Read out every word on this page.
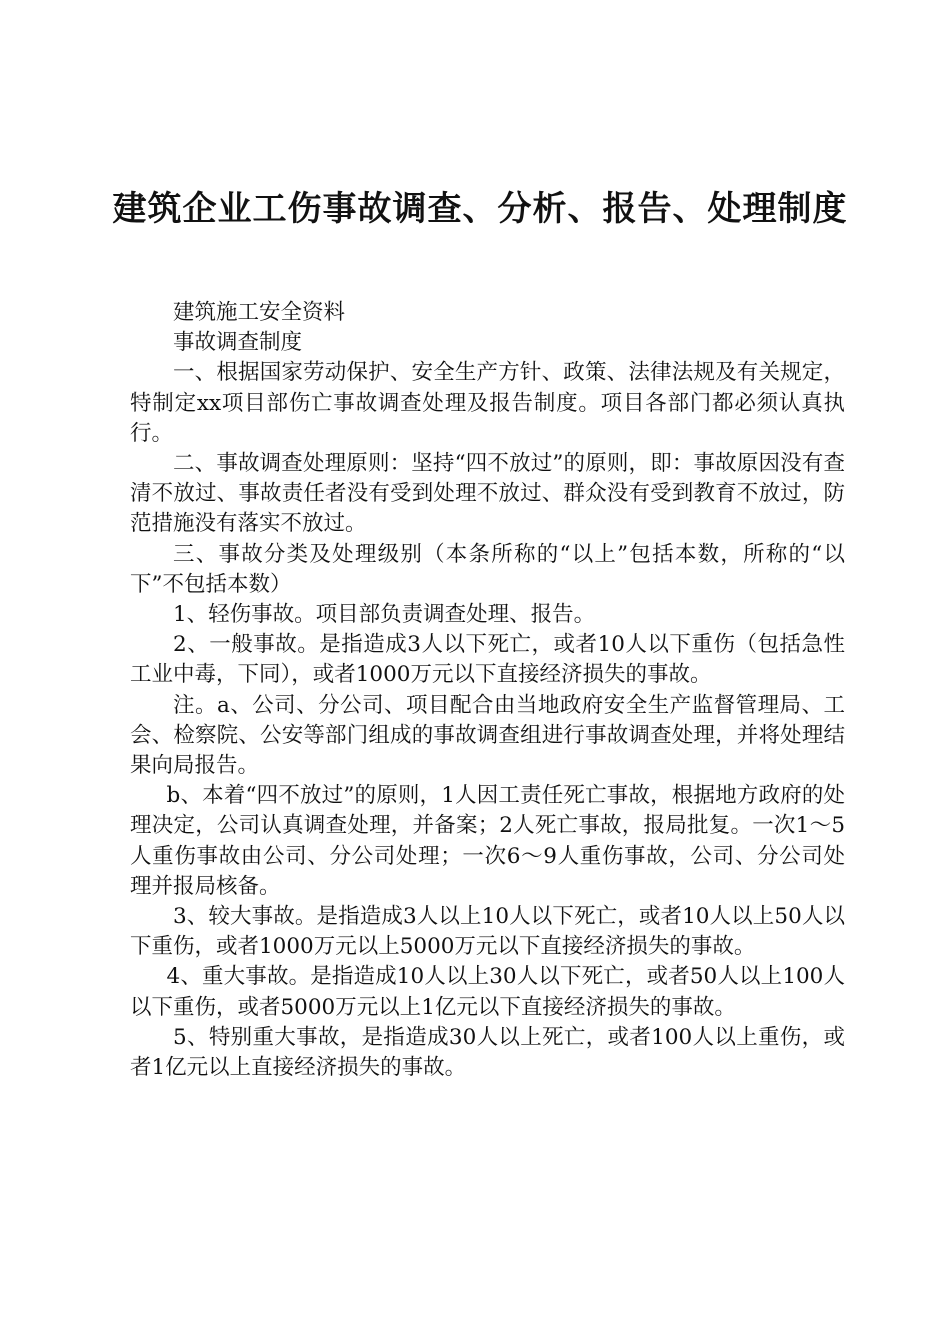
建筑企业工伤事故调查、分析、报告、处理制度

建筑施工安全资料

事故调查制度

一、根据国家劳动保护、安全生产方针、政策、法律法规及有关规定，特制定xx项目部伤亡事故调查处理及报告制度。项目各部门都必须认真执行。

二、事故调查处理原则：坚持“四不放过”的原则，即：事故原因没有查清不放过、事故责任者没有受到处理不放过、群众没有受到教育不放过，防范措施没有落实不放过。

三、事故分类及处理级别（本条所称的“以上”包括本数，所称的“以下”不包括本数）

1、轻伤事故。项目部负责调查处理、报告。

2、一般事故。是指造成3人以下死亡，或者10人以下重伤（包括急性工业中毒，下同），或者1000万元以下直接经济损失的事故。

注。a、公司、分公司、项目配合由当地政府安全生产监督管理局、工会、检察院、公安等部门组成的事故调查组进行事故调查处理，并将处理结果向局报告。

b、本着“四不放过”的原则，1人因工责任死亡事故，根据地方政府的处理决定，公司认真调查处理，并备案；2人死亡事故，报局批复。一次1～5人重伤事故由公司、分公司处理；一次6～9人重伤事故，公司、分公司处理并报局核备。

3、较大事故。是指造成3人以上10人以下死亡，或者10人以上50人以下重伤，或者1000万元以上5000万元以下直接经济损失的事故。

4、重大事故。是指造成10人以上30人以下死亡，或者50人以上100人以下重伤，或者5000万元以上1亿元以下直接经济损失的事故。

5、特别重大事故，是指造成30人以上死亡，或者100人以上重伤，或者1亿元以上直接经济损失的事故。
